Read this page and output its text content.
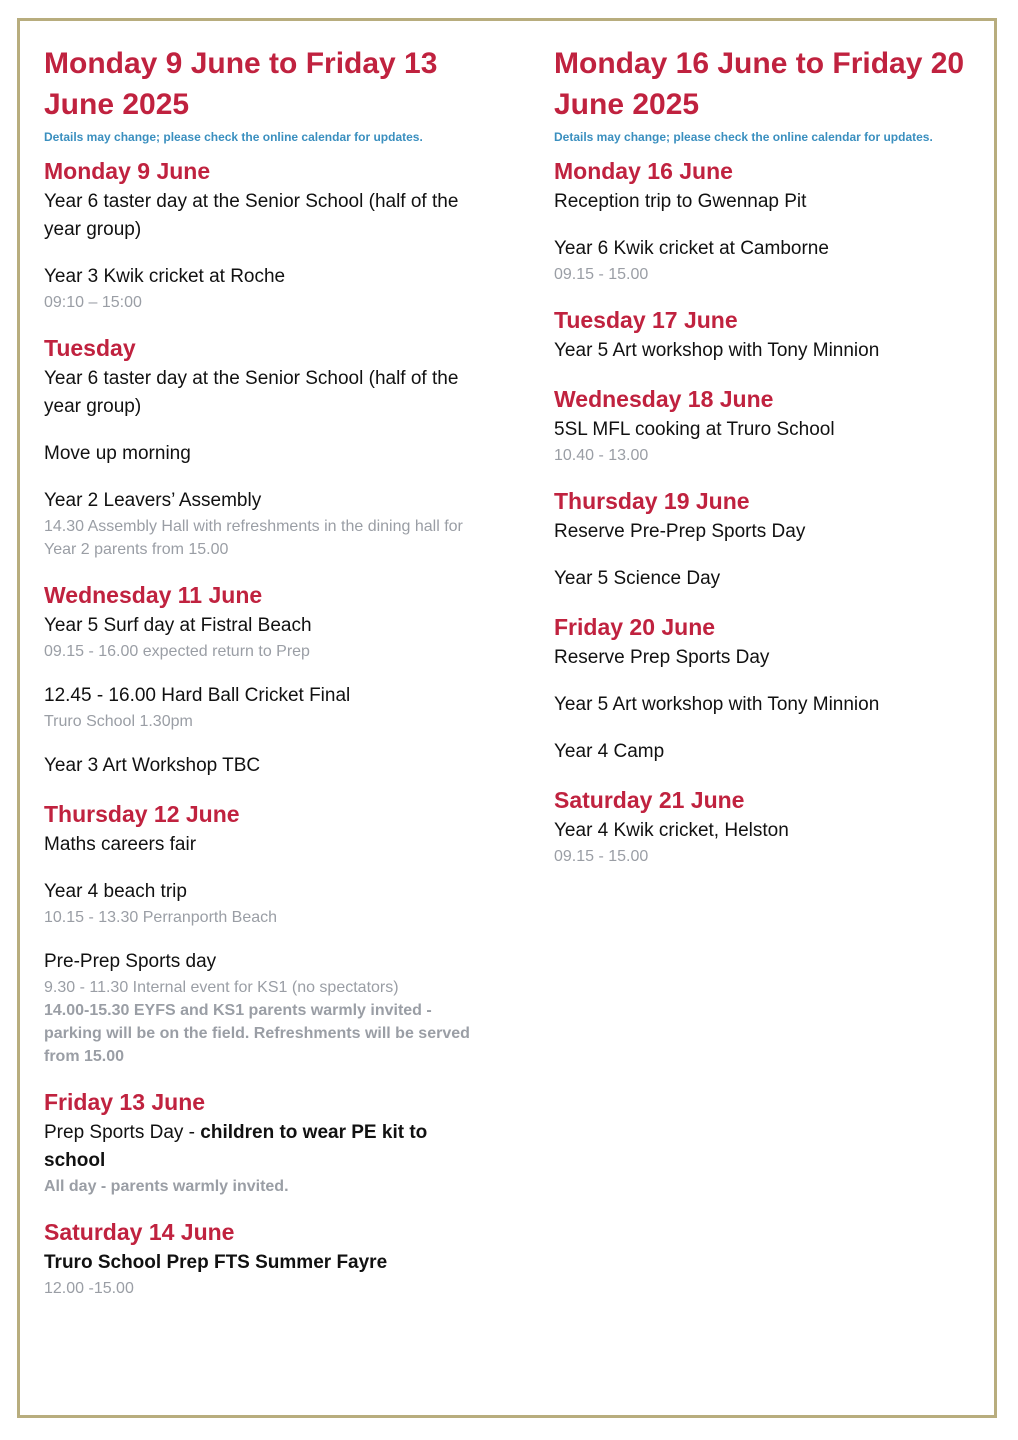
Monday 9 June to Friday 13 June 2025
Details may change; please check the online calendar for updates.
Monday 9 June
Year 6 taster day at the Senior School (half of the year group)
Year 3 Kwik cricket at Roche
09:10 – 15:00
Tuesday
Year 6 taster day at the Senior School (half of the year group)
Move up morning
Year 2 Leavers’ Assembly
14.30 Assembly Hall with refreshments in the dining hall for Year 2 parents from 15.00
Wednesday 11 June
Year 5 Surf day at Fistral Beach
09.15 - 16.00 expected return to Prep
12.45 - 16.00 Hard Ball Cricket Final
Truro School 1.30pm
Year 3 Art Workshop TBC
Thursday 12 June
Maths careers fair
Year 4 beach trip
10.15 - 13.30 Perranporth Beach
Pre-Prep Sports day
9.30 - 11.30 Internal event for KS1 (no spectators)
14.00-15.30 EYFS and KS1 parents warmly invited - parking will be on the field. Refreshments will be served from 15.00
Friday 13 June
Prep Sports Day - children to wear PE kit to school
All day - parents warmly invited.
Saturday 14 June
Truro School Prep FTS Summer Fayre
12.00 -15.00
Monday 16 June to Friday 20 June 2025
Details may change; please check the online calendar for updates.
Monday 16 June
Reception trip to Gwennap Pit
Year 6 Kwik cricket at Camborne
09.15 - 15.00
Tuesday 17 June
Year 5 Art workshop with Tony Minnion
Wednesday 18 June
5SL MFL cooking at Truro School
10.40 - 13.00
Thursday 19 June
Reserve Pre-Prep Sports Day
Year 5 Science Day
Friday 20 June
Reserve Prep Sports Day
Year 5 Art workshop with Tony Minnion
Year 4 Camp
Saturday 21 June
Year 4 Kwik cricket, Helston
09.15 - 15.00
